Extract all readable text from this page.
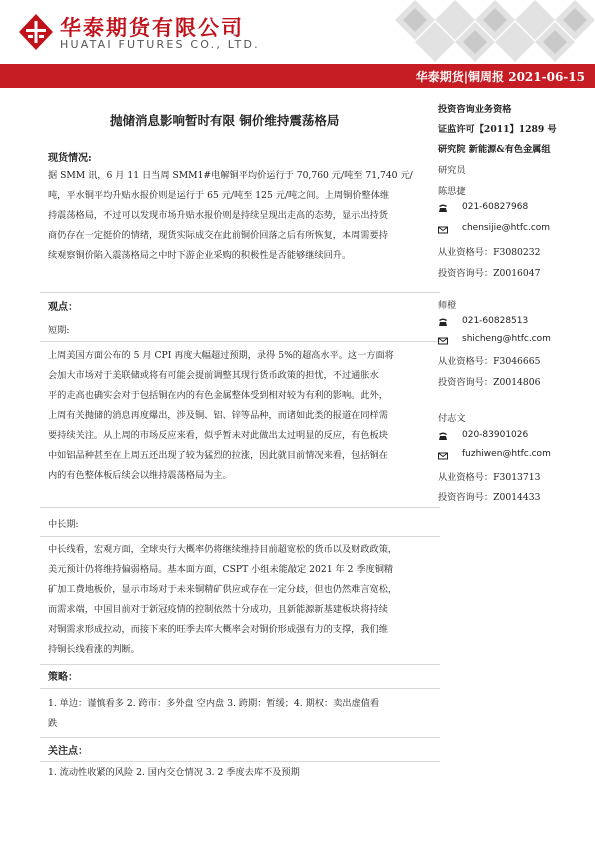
华泰期货有限公司
HUATAI FUTURES CO., LTD.
华泰期货|铜周报 2021-06-15
抛储消息影响暂时有限 铜价维持震荡格局
现货情况:
据 SMM 讯，6 月 11 日当周 SMM1#电解铜平均价运行于 70,760 元/吨至 71,740 元/
吨，平水铜平均升贴水报价则是运行于 65 元/吨至 125 元/吨之间。上周铜价整体维
持震荡格局，不过可以发现市场升贴水报价则是持续呈现出走高的态势，显示出持货
商仍存在一定挺价的情绪，现货实际成交在此前铜价回落之后有所恢复，本周需要持
续观察铜价陷入震荡格局之中时下游企业采购的积极性是否能够继续回升。
观点：
短期:
上周美国方面公布的 5 月 CPI 再度大幅超过预期，录得 5%的超高水平。这一方面将
会加大市场对于美联储或将有可能会提前调整其现行货币政策的担忧，不过通胀水
平的走高也确实会对于包括铜在内的有色金属整体受到相对较为有利的影响。此外，
上周有关抛储的消息再度爆出，涉及铜、铝、锌等品种，而诸如此类的报道在同样需
要持续关注。从上周的市场反应来看，似乎暂未对此做出太过明显的反应，有色板块
中如铝品种甚至在上周五还出现了较为猛烈的拉涨，因此就目前情况来看，包括铜在
内的有色整体板后续会以维持震荡格局为主。
中长期:
中长线看，宏观方面，全球央行大概率仍将继续维持目前超宽松的货币以及财政政策，
美元预计仍将维持偏弱格局。基本面方面，CSPT 小组未能敲定 2021 年 2 季度铜精
矿加工费地板价，显示市场对于未来铜精矿供应或存在一定分歧，但也仍然难言宽松，
而需求端，中国目前对于新冠疫情的控制依然十分成功，且新能源新基建板块将持续
对铜需求形成拉动，而接下来的旺季去库大概率会对铜价形成强有力的支撑，我们维
持铜长线看涨的判断。
策略：
1. 单边：谨慎看多 2. 跨市：多外盘 空内盘 3. 跨期：暂缓；4. 期权：卖出虚值看
跌
关注点：
1. 流动性收紧的风险 2. 国内交仓情况 3. 2 季度去库不及预期
投资咨询业务资格
证监许可【2011】1289 号
研究院 新能源&有色金属组
研究员
陈思捷
021-60827968
chensijie@htfc.com
从业资格号：F3080232
投资咨询号：Z0016047
师橙
021-60828513
shicheng@htfc.com
从业资格号：F3046665
投资咨询号：Z0014806
付志文
020-83901026
fuzhiwen@htfc.com
从业资格号：F3013713
投资咨询号：Z0014433
